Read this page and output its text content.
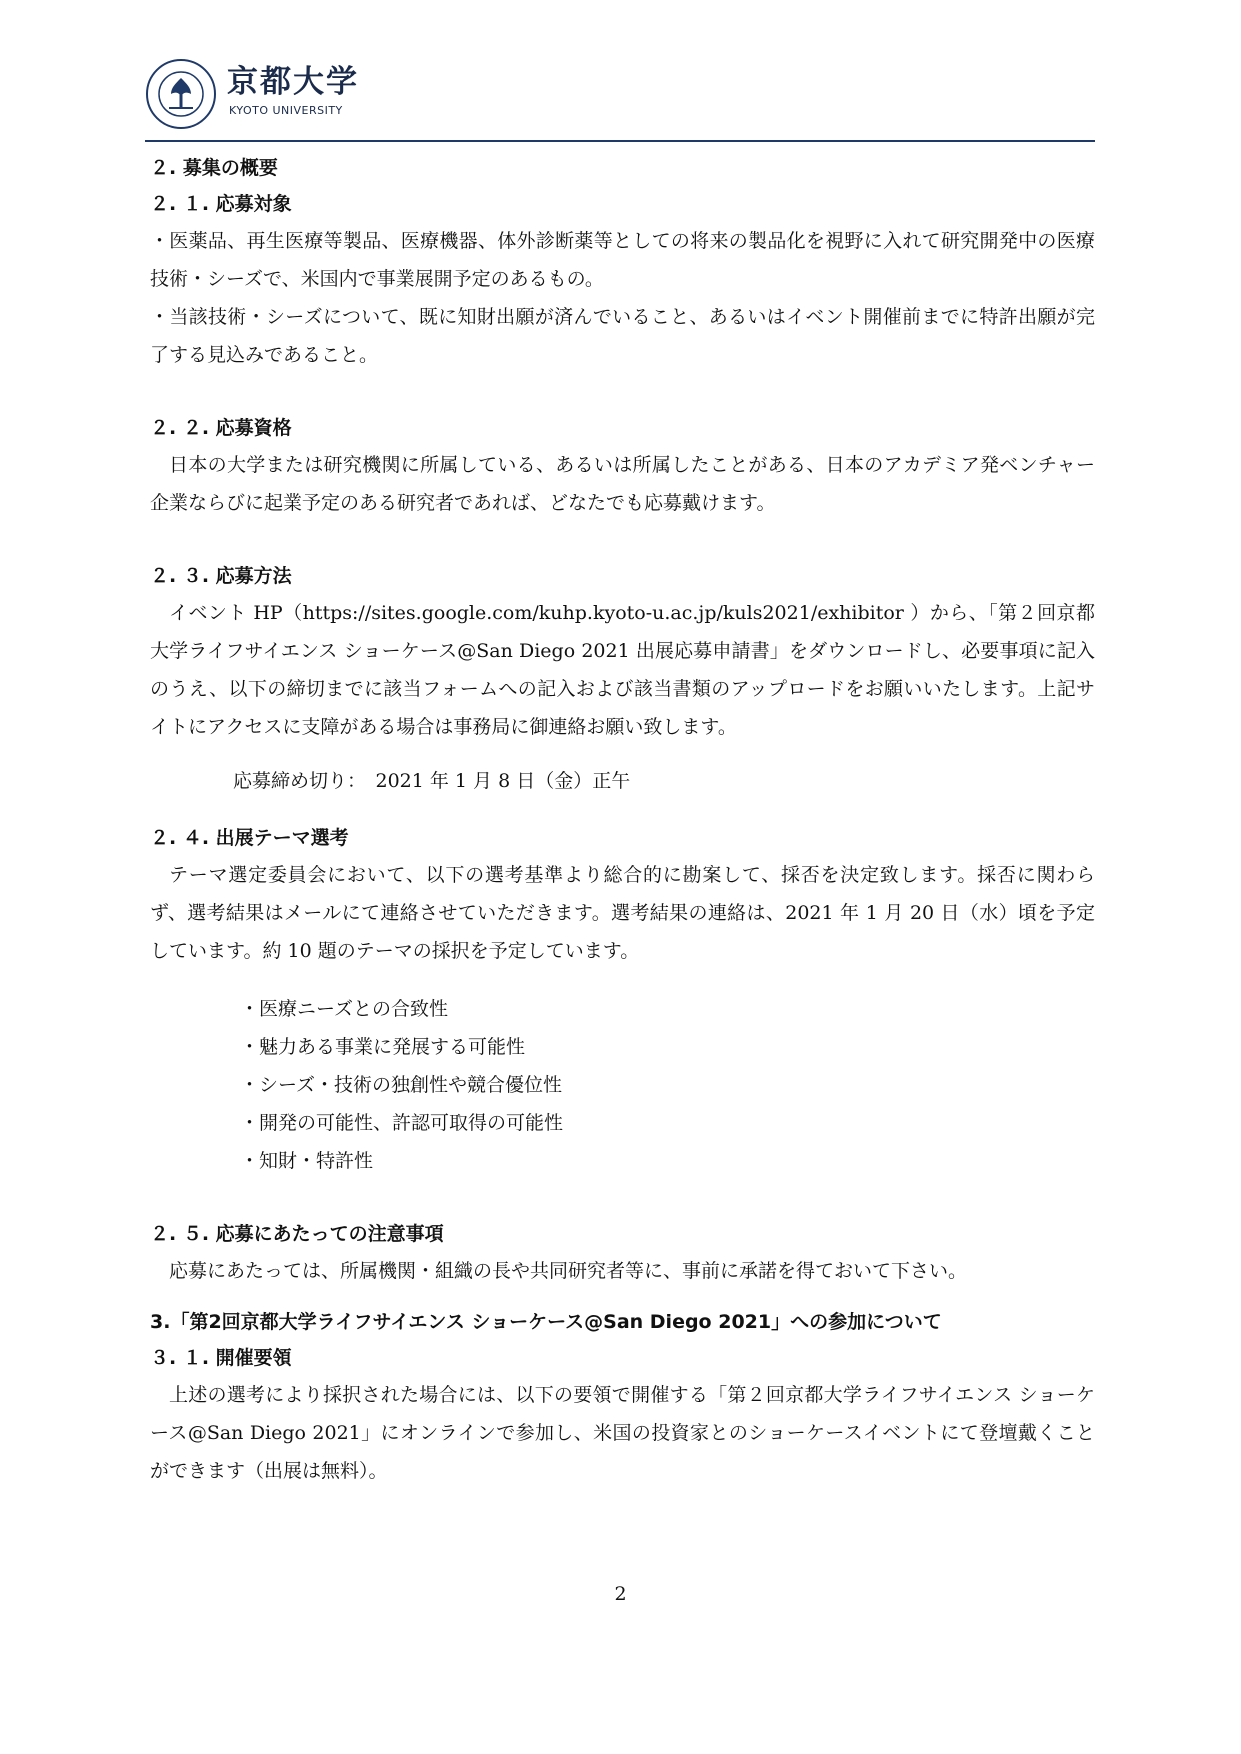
京都大学
KYOTO UNIVERSITY
２. 募集の概要
２. １. 応募対象

・医薬品、再生医療等製品、医療機器、体外診断薬等としての将来の製品化を視野に入れて研究開発中の医療技術・シーズで、米国内で事業展開予定のあるもの。

・当該技術・シーズについて、既に知財出願が済んでいること、あるいはイベント開催前までに特許出願が完了する見込みであること。

２. ２. 応募資格

日本の大学または研究機関に所属している、あるいは所属したことがある、日本のアカデミア発ベンチャー企業ならびに起業予定のある研究者であれば、どなたでも応募戴けます。

２. ３. 応募方法

イベント HP（https://sites.google.com/kuhp.kyoto-u.ac.jp/kuls2021/exhibitor ）から、「第２回京都大学ライフサイエンス ショーケース@San Diego 2021 出展応募申請書」をダウンロードし、必要事項に記入のうえ、以下の締切までに該当フォームへの記入および該当書類のアップロードをお願いいたします。上記サイトにアクセスに支障がある場合は事務局に御連絡お願い致します。

応募締め切り：　2021 年 1 月 8 日（金）正午

２. ４. 出展テーマ選考

テーマ選定委員会において、以下の選考基準より総合的に勘案して、採否を決定致します。採否に関わらず、選考結果はメールにて連絡させていただきます。選考結果の連絡は、2021 年 1 月 20 日（水）頃を予定しています。約 10 題のテーマの採択を予定しています。

・医療ニーズとの合致性
・魅力ある事業に発展する可能性
・シーズ・技術の独創性や競合優位性
・開発の可能性、許認可取得の可能性
・知財・特許性
２. ５. 応募にあたっての注意事項

応募にあたっては、所属機関・組織の長や共同研究者等に、事前に承諾を得ておいて下さい。

3.「第2回京都大学ライフサイエンス ショーケース@San Diego 2021」への参加について
３. １. 開催要領

上述の選考により採択された場合には、以下の要領で開催する「第２回京都大学ライフサイエンス ショーケース@San Diego 2021」にオンラインで参加し、米国の投資家とのショーケースイベントにて登壇戴くことができます（出展は無料）。

2
